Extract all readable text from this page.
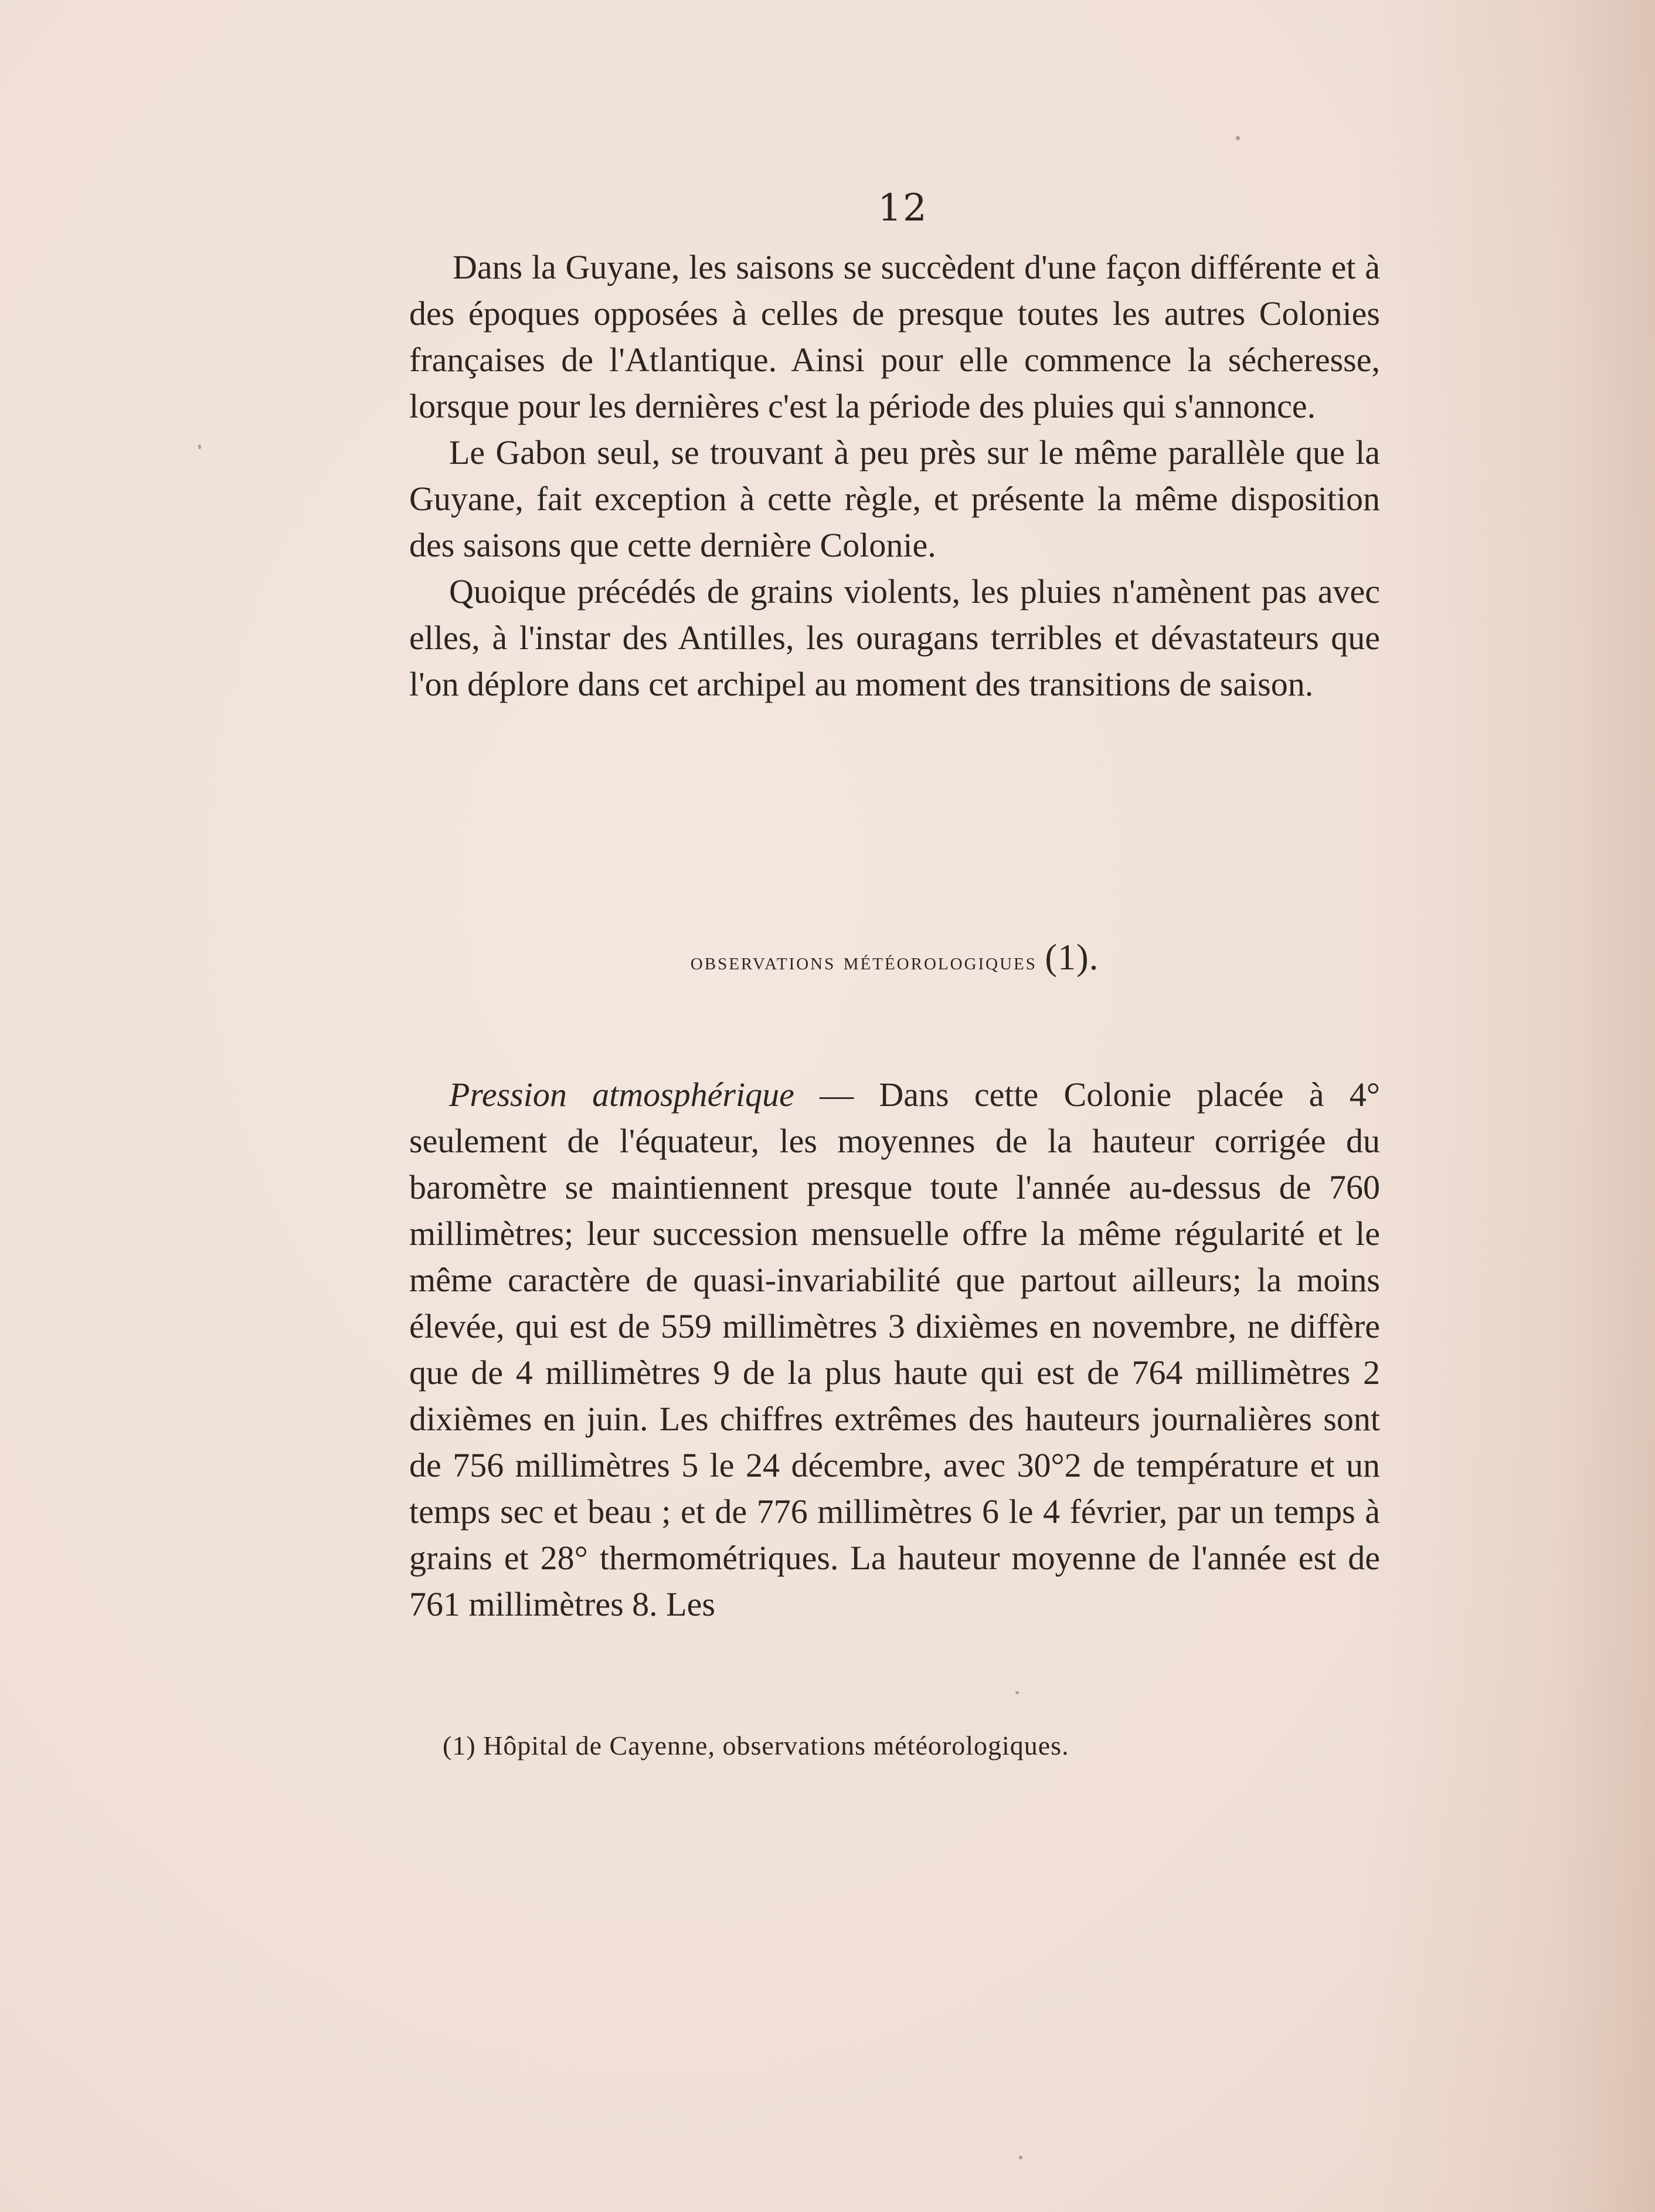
12

Dans la Guyane, les saisons se succèdent d'une façon différente et à des époques opposées à celles de presque toutes les autres Colonies françaises de l'Atlantique. Ainsi pour elle commence la sécheresse, lorsque pour les dernières c'est la période des pluies qui s'annonce.

Le Gabon seul, se trouvant à peu près sur le même parallèle que la Guyane, fait exception à cette règle, et présente la même disposition des saisons que cette dernière Colonie.

Quoique précédés de grains violents, les pluies n'amènent pas avec elles, à l'instar des Antilles, les ouragans terribles et dévastateurs que l'on déplore dans cet archipel au moment des transitions de saison.

observations météorologiques (1).

Pression atmosphérique — Dans cette Colonie placée à 4° seulement de l'équateur, les moyennes de la hauteur corrigée du baromètre se maintiennent presque toute l'année au-dessus de 760 millimètres; leur succession mensuelle offre la même régularité et le même caractère de quasi-invariabilité que partout ailleurs; la moins élevée, qui est de 559 millimètres 3 dixièmes en novembre, ne diffère que de 4 millimètres 9 de la plus haute qui est de 764 millimètres 2 dixièmes en juin. Les chiffres extrêmes des hauteurs journalières sont de 756 millimètres 5 le 24 décembre, avec 30°2 de température et un temps sec et beau ; et de 776 millimètres 6 le 4 février, par un temps à grains et 28° thermométriques. La hauteur moyenne de l'année est de 761 millimètres 8. Les

(1) Hôpital de Cayenne, observations météorologiques.
